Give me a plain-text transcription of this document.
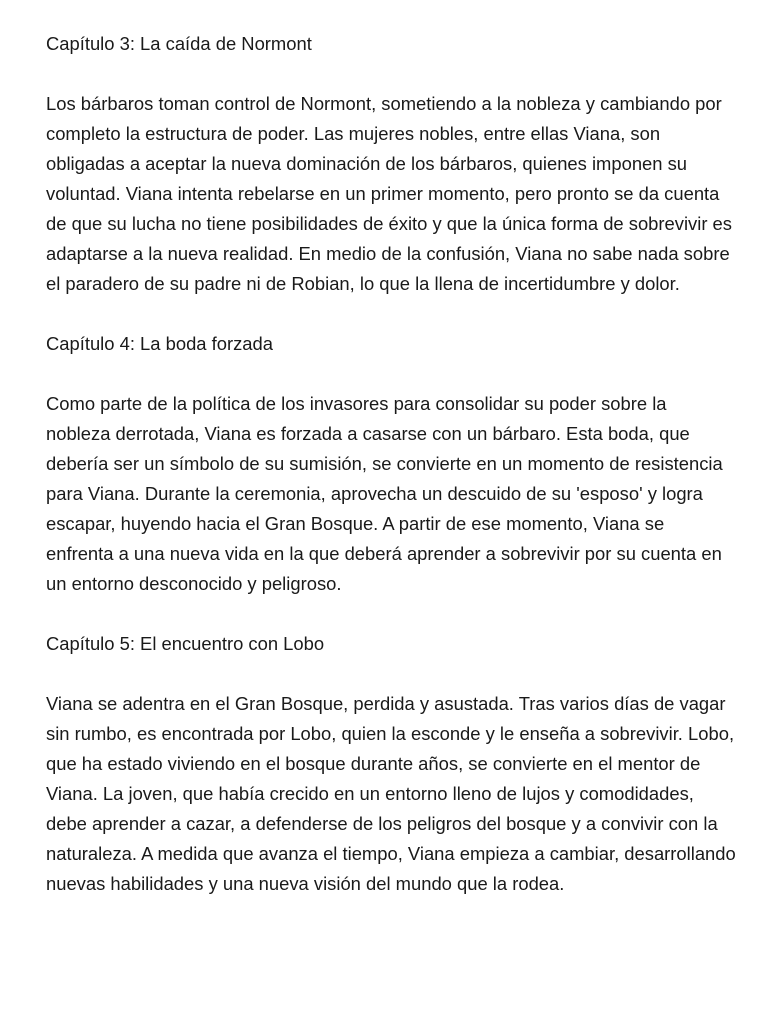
Capítulo 3: La caída de Normont

Los bárbaros toman control de Normont, sometiendo a la nobleza y cambiando por completo la estructura de poder. Las mujeres nobles, entre ellas Viana, son obligadas a aceptar la nueva dominación de los bárbaros, quienes imponen su voluntad. Viana intenta rebelarse en un primer momento, pero pronto se da cuenta de que su lucha no tiene posibilidades de éxito y que la única forma de sobrevivir es adaptarse a la nueva realidad. En medio de la confusión, Viana no sabe nada sobre el paradero de su padre ni de Robian, lo que la llena de incertidumbre y dolor.

Capítulo 4: La boda forzada

Como parte de la política de los invasores para consolidar su poder sobre la nobleza derrotada, Viana es forzada a casarse con un bárbaro. Esta boda, que debería ser un símbolo de su sumisión, se convierte en un momento de resistencia para Viana. Durante la ceremonia, aprovecha un descuido de su 'esposo' y logra escapar, huyendo hacia el Gran Bosque. A partir de ese momento, Viana se enfrenta a una nueva vida en la que deberá aprender a sobrevivir por su cuenta en un entorno desconocido y peligroso.

Capítulo 5: El encuentro con Lobo

Viana se adentra en el Gran Bosque, perdida y asustada. Tras varios días de vagar sin rumbo, es encontrada por Lobo, quien la esconde y le enseña a sobrevivir. Lobo, que ha estado viviendo en el bosque durante años, se convierte en el mentor de Viana. La joven, que había crecido en un entorno lleno de lujos y comodidades, debe aprender a cazar, a defenderse de los peligros del bosque y a convivir con la naturaleza. A medida que avanza el tiempo, Viana empieza a cambiar, desarrollando nuevas habilidades y una nueva visión del mundo que la rodea.
